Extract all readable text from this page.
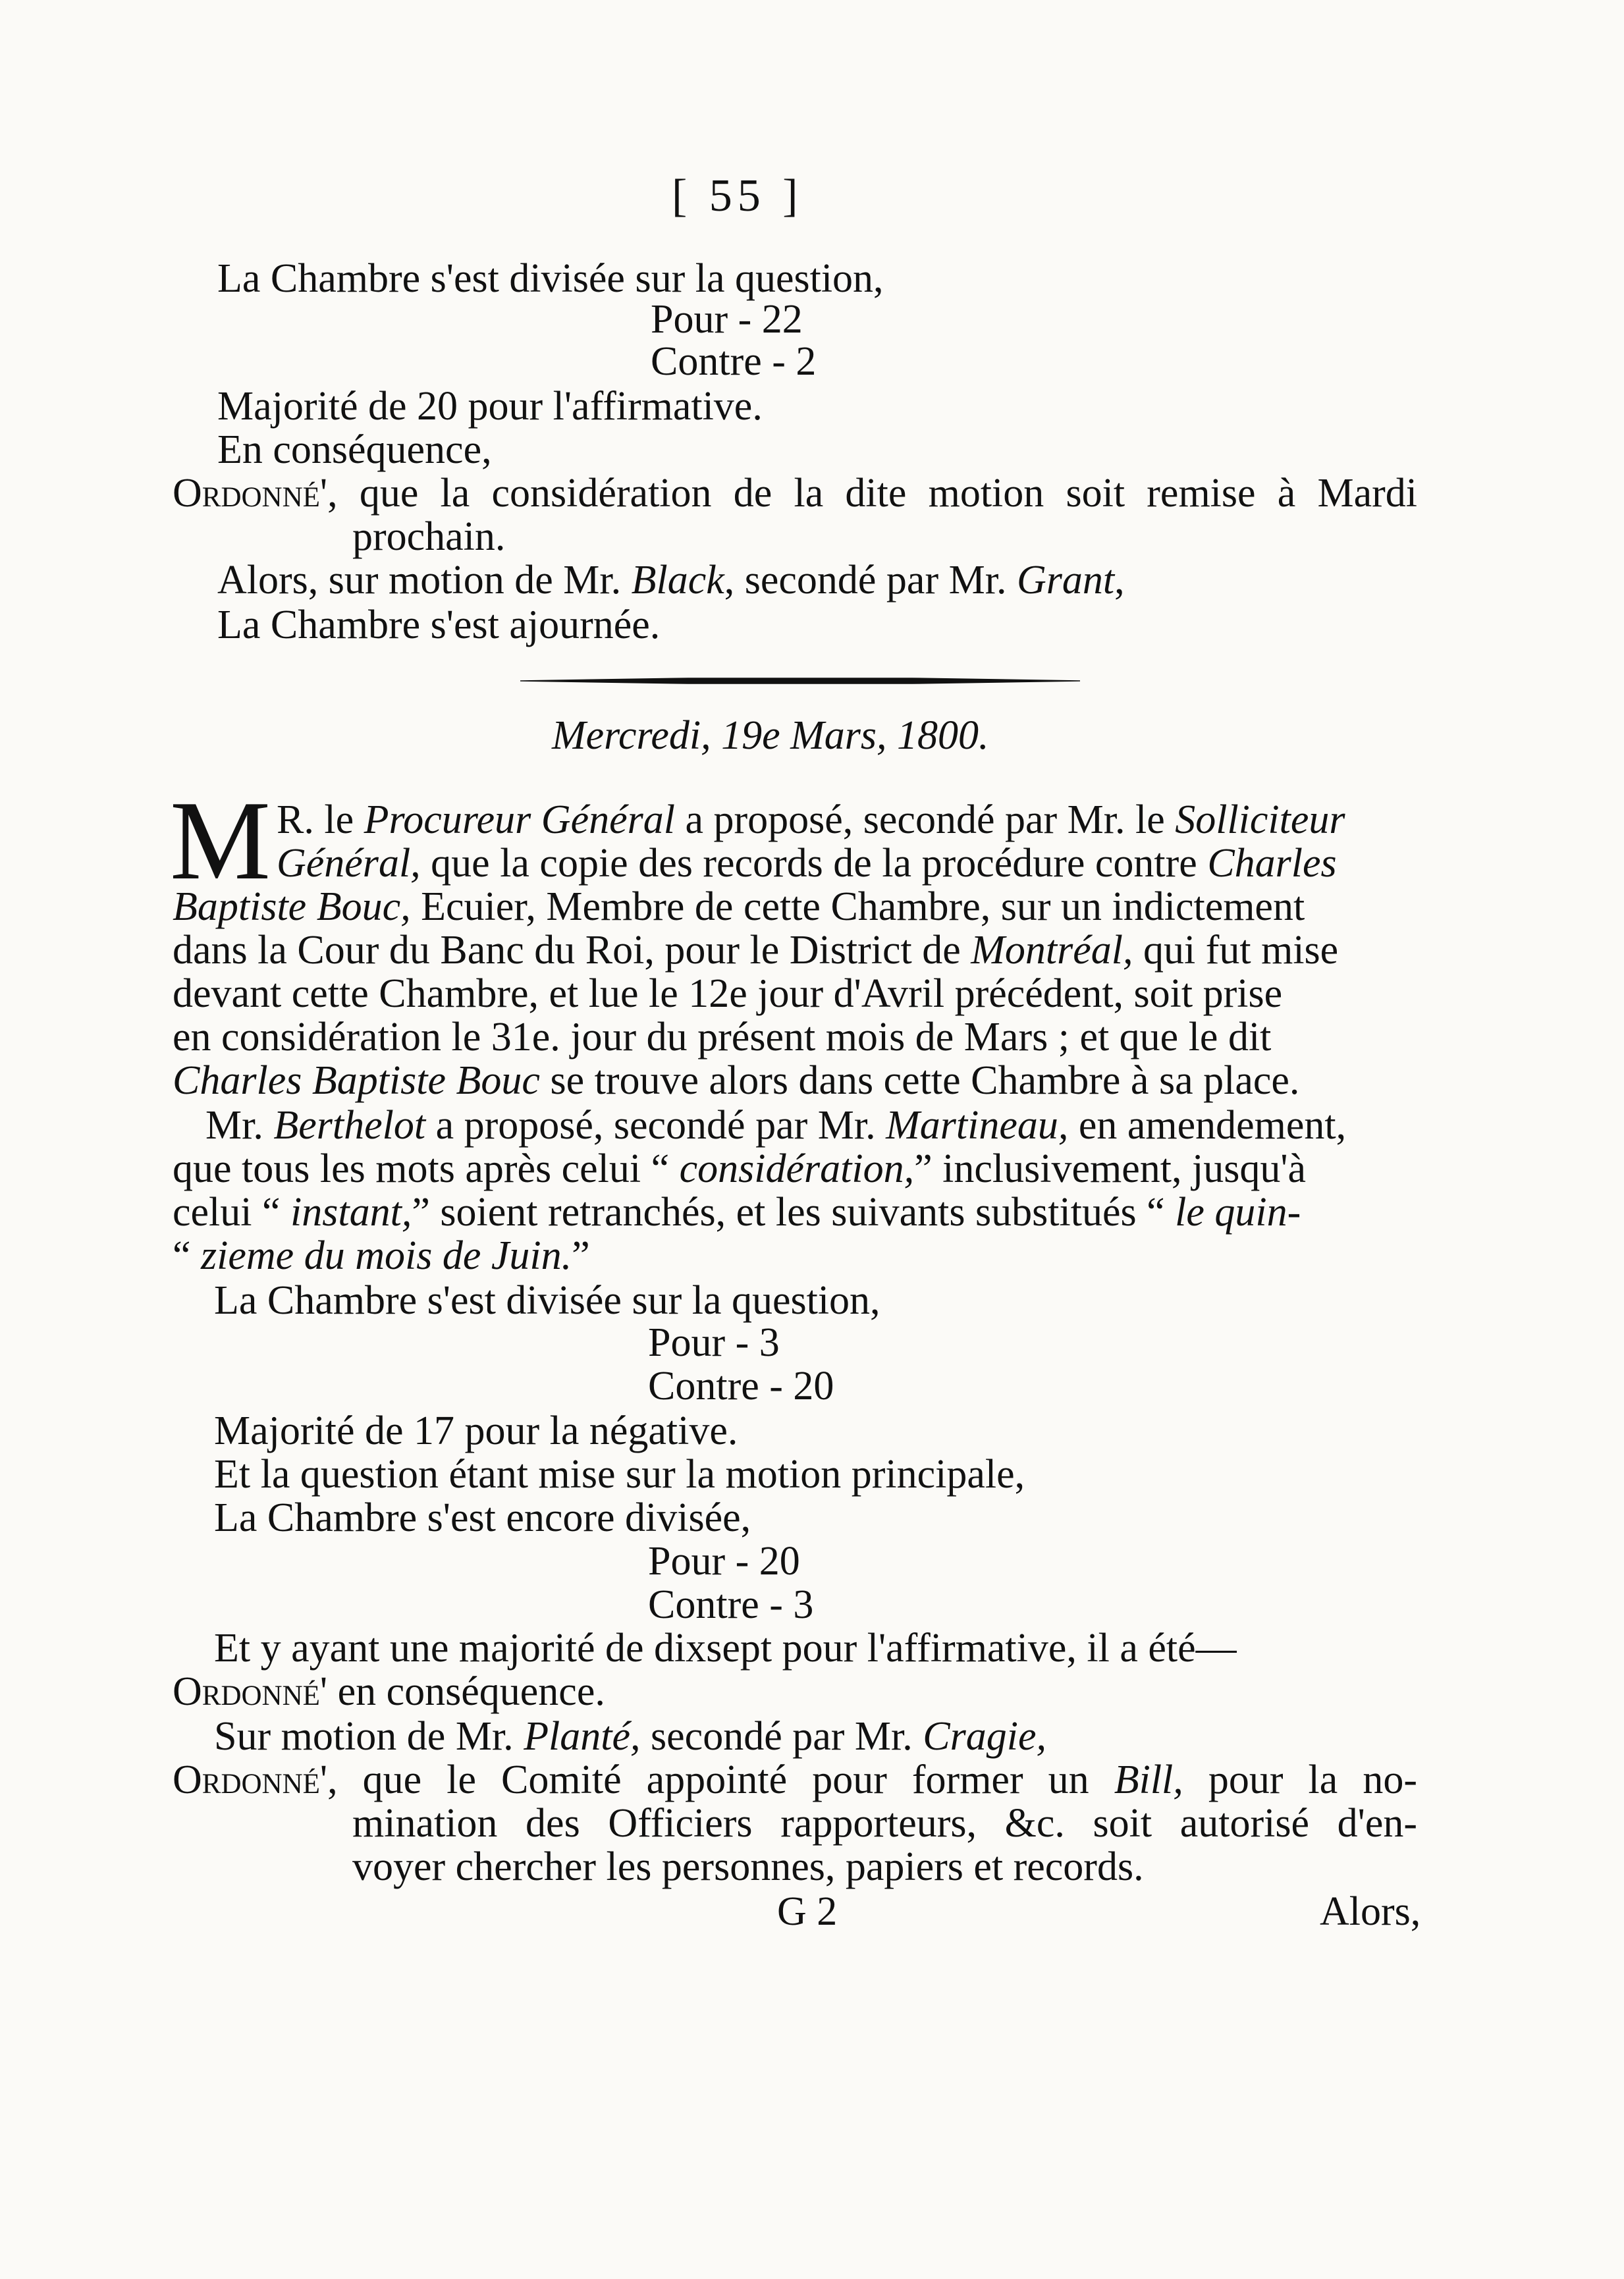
[ 55 ]
La Chambre s'est divisée sur la question,
Pour - 22
Contre - 2
Majorité de 20 pour l'affirmative.
En conséquence,
Ordonné', que la considération de la dite motion soit remise à Mardi
prochain.
Alors, sur motion de Mr. Black, secondé par Mr. Grant,
La Chambre s'est ajournée.
Mercredi, 19e Mars, 1800.
M R. le Procureur Général a proposé, secondé par Mr. le Solliciteur
Général, que la copie des records de la procédure contre Charles
Baptiste Bouc, Ecuier, Membre de cette Chambre, sur un indictement
dans la Cour du Banc du Roi, pour le District de Montréal, qui fut mise
devant cette Chambre, et lue le 12e jour d'Avril précédent, soit prise
en considération le 31e. jour du présent mois de Mars ; et que le dit
Charles Baptiste Bouc se trouve alors dans cette Chambre à sa place.
Mr. Berthelot a proposé, secondé par Mr. Martineau, en amendement,
que tous les mots après celui “ considération,” inclusivement, jusqu'à
celui “ instant,” soient retranchés, et les suivants substitués “ le quin-
“ zieme du mois de Juin.”
La Chambre s'est divisée sur la question,
Pour - 3
Contre - 20
Majorité de 17 pour la négative.
Et la question étant mise sur la motion principale,
La Chambre s'est encore divisée,
Pour - 20
Contre - 3
Et y ayant une majorité de dixsept pour l'affirmative, il a été—
Ordonné' en conséquence.
Sur motion de Mr. Planté, secondé par Mr. Cragie,
Ordonné', que le Comité appointé pour former un Bill, pour la no-
mination des Officiers rapporteurs, &c. soit autorisé d'en-
voyer chercher les personnes, papiers et records.
G 2	Alors,
